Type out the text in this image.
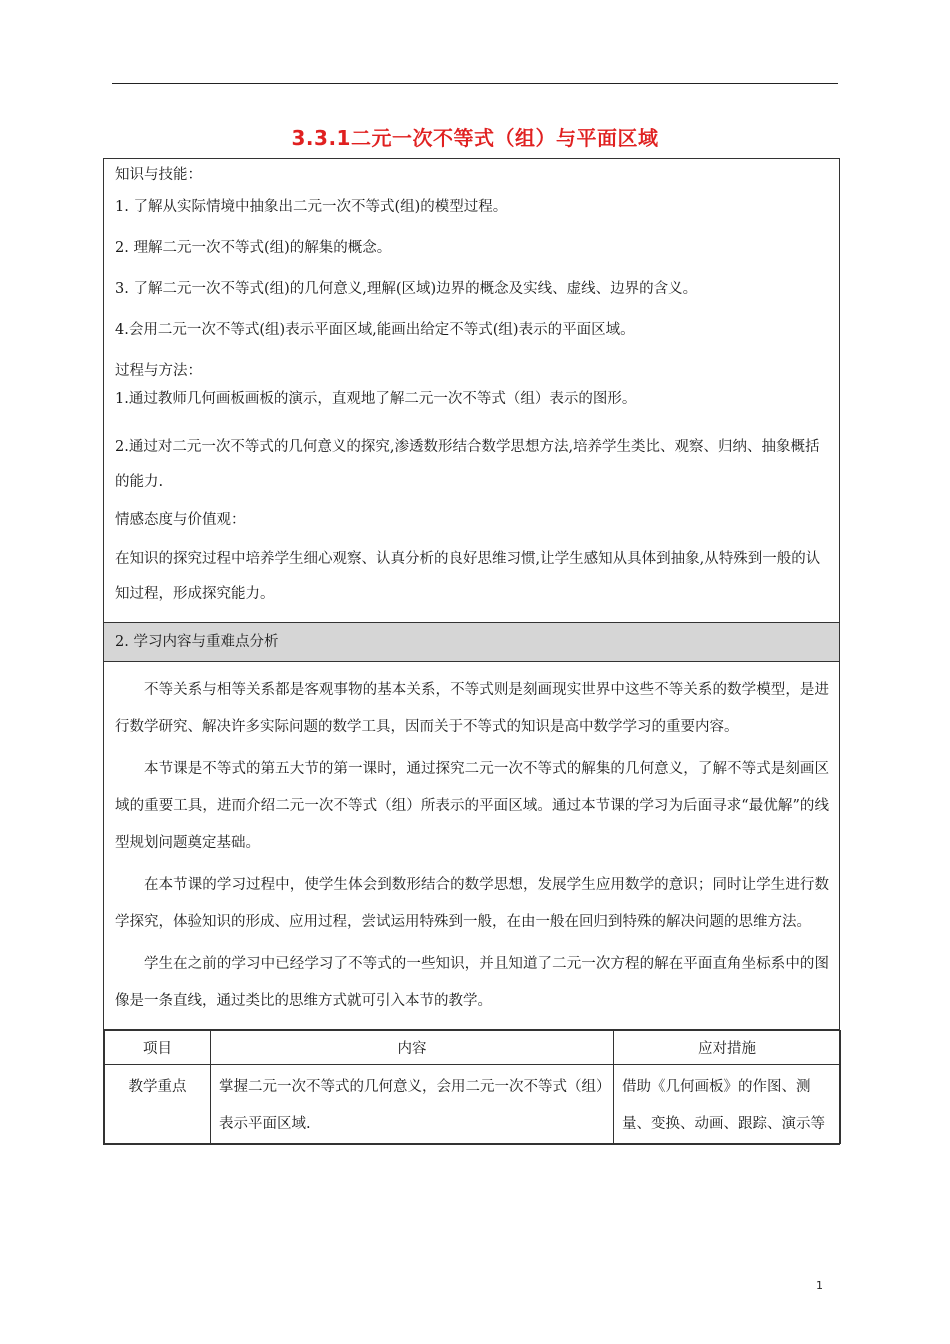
3.3.1二元一次不等式（组）与平面区域

知识与技能：

1. 了解从实际情境中抽象出二元一次不等式(组)的模型过程。

2. 理解二元一次不等式(组)的解集的概念。

3. 了解二元一次不等式(组)的几何意义,理解(区域)边界的概念及实线、虚线、边界的含义。

4.会用二元一次不等式(组)表示平面区域,能画出给定不等式(组)表示的平面区域。

过程与方法：

1.通过教师几何画板画板的演示，直观地了解二元一次不等式（组）表示的图形。

2.通过对二元一次不等式的几何意义的探究,渗透数形结合数学思想方法,培养学生类比、观察、归纳、抽象概括的能力.

情感态度与价值观：

在知识的探究过程中培养学生细心观察、认真分析的良好思维习惯,让学生感知从具体到抽象,从特殊到一般的认知过程，形成探究能力。

2. 学习内容与重难点分析

不等关系与相等关系都是客观事物的基本关系，不等式则是刻画现实世界中这些不等关系的数学模型，是进行数学研究、解决许多实际问题的数学工具，因而关于不等式的知识是高中数学学习的重要内容。

本节课是不等式的第五大节的第一课时，通过探究二元一次不等式的解集的几何意义，了解不等式是刻画区域的重要工具，进而介绍二元一次不等式（组）所表示的平面区域。通过本节课的学习为后面寻求“最优解”的线型规划问题奠定基础。

在本节课的学习过程中，使学生体会到数形结合的数学思想，发展学生应用数学的意识；同时让学生进行数学探究，体验知识的形成、应用过程，尝试运用特殊到一般，在由一般在回归到特殊的解决问题的思维方法。

学生在之前的学习中已经学习了不等式的一些知识，并且知道了二元一次方程的解在平面直角坐标系中的图像是一条直线，通过类比的思维方式就可引入本节的教学。

项目	内容	应对措施
教学重点	掌握二元一次不等式的几何意义，会用二元一次不等式（组）表示平面区域.	借助《几何画板》的作图、测量、变换、动画、跟踪、演示等
1
